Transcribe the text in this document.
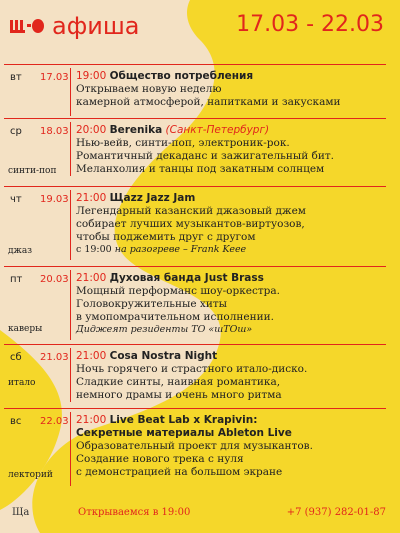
афиша	17.03 - 22.03
вт 17.03 19:00 Общество потребления
Открываем новую неделю
камерной атмосферой, напитками и закусками
ср 18.03
синти-поп
20:00 Berenika (Санкт-Петербург)
Нью-вейв, синти-поп, электроник-рок.
Романтичный декаданс и зажигательный бит.
Меланхолия и танцы под закатным солнцем
чт 19.03
джаз
21:00 Щazz Jazz Jam
Легендарный казанский джазовый джем
собирает лучших музыкантов-виртуозов,
чтобы поджемить друг с другом
с 19:00 на разогреве – Frank Keee
пт 20.03
каверы
21:00 Духовая банда Just Brass
Мощный перформанс шоу-оркестра.
Головокружительные хиты
в умопомрачительном исполнении.
Диджеят резиденты ТО «шТОш»
сб 21.03
итало
21:00 Cosa Nostra Night
Ночь горячего и страстного итало-диско.
Сладкие синты, наивная романтика,
немного драмы и очень много ритма
вс 22.03
лекторий
21:00 Live Beat Lab x Krapivin:
Секретные материалы Ableton Live
Образовательный проект для музыкантов.
Создание нового трека с нуля
с демонстрацией на большом экране
Ща	Открываемся в 19:00	+7 (937) 282-01-87
